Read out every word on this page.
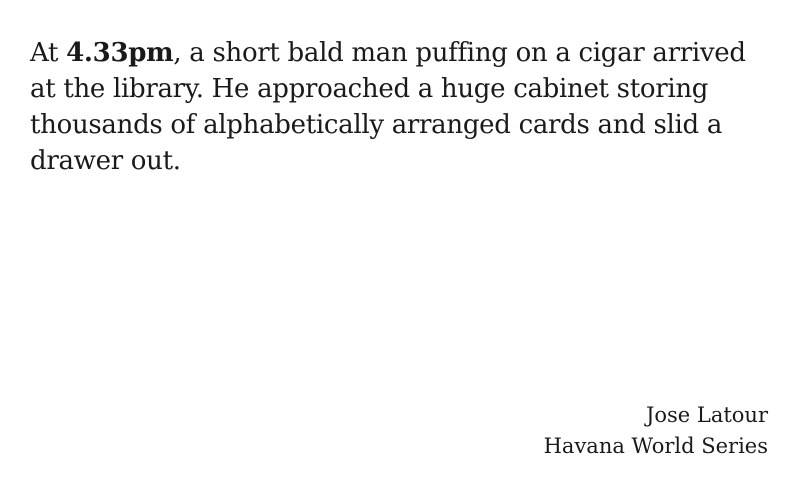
At 4.33pm, a short bald man puffing on a cigar arrived at the library. He approached a huge cabinet storing thousands of alphabetically arranged cards and slid a drawer out.

Jose Latour
Havana World Series
